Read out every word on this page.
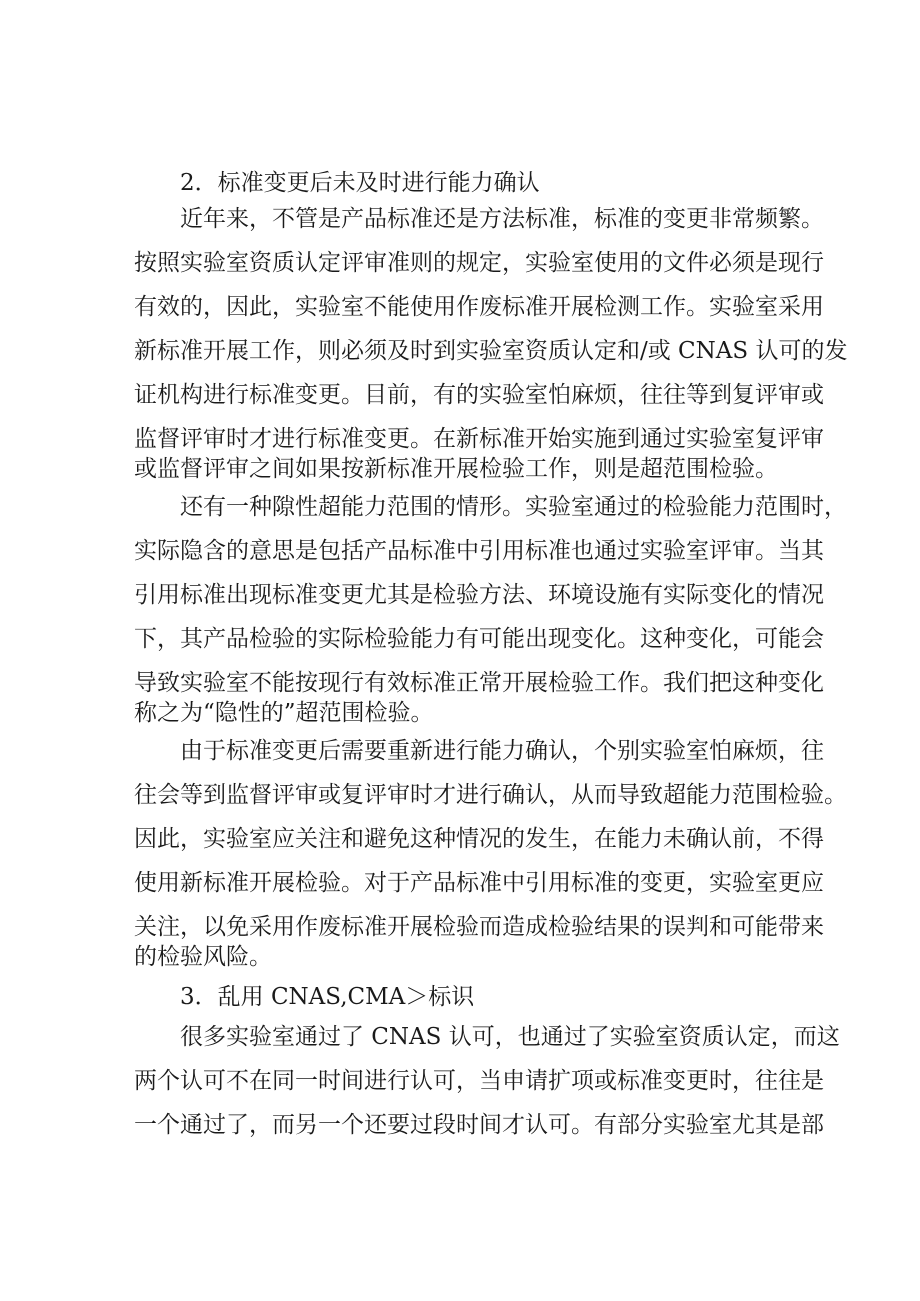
2．标准变更后未及时进行能力确认
近年来，不管是产品标准还是方法标准，标准的变更非常频繁。
按照实验室资质认定评审准则的规定，实验室使用的文件必须是现行
有效的，因此，实验室不能使用作废标准开展检测工作。实验室采用
新标准开展工作，则必须及时到实验室资质认定和/或 CNAS 认可的发
证机构进行标准变更。目前，有的实验室怕麻烦，往往等到复评审或
监督评审时才进行标准变更。在新标准开始实施到通过实验室复评审
或监督评审之间如果按新标准开展检验工作，则是超范围检验。
还有一种隙性超能力范围的情形。实验室通过的检验能力范围时，
实际隐含的意思是包括产品标准中引用标准也通过实验室评审。当其
引用标准出现标准变更尤其是检验方法、环境设施有实际变化的情况
下，其产品检验的实际检验能力有可能出现变化。这种变化，可能会
导致实验室不能按现行有效标准正常开展检验工作。我们把这种变化
称之为“隐性的”超范围检验。
由于标准变更后需要重新进行能力确认，个别实验室怕麻烦，往
往会等到监督评审或复评审时才进行确认，从而导致超能力范围检验。
因此，实验室应关注和避免这种情况的发生，在能力未确认前，不得
使用新标准开展检验。对于产品标准中引用标准的变更，实验室更应
关注，以免采用作废标准开展检验而造成检验结果的误判和可能带来
的检验风险。
3．乱用 CNAS,CMA＞标识
很多实验室通过了 CNAS 认可，也通过了实验室资质认定，而这
两个认可不在同一时间进行认可，当申请扩项或标准变更时，往往是
一个通过了，而另一个还要过段时间才认可。有部分实验室尤其是部
